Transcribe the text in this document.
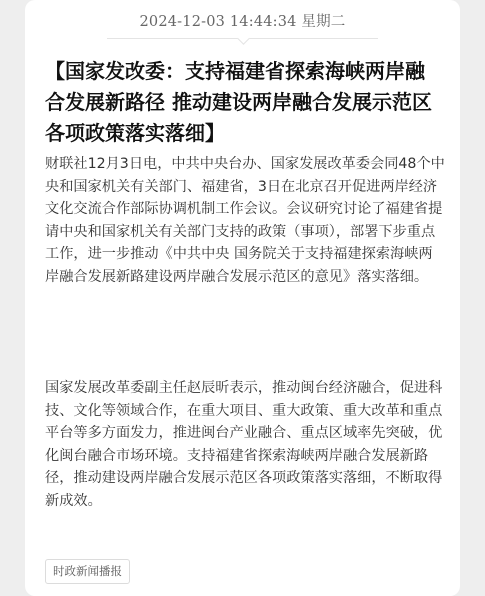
2024-12-03 14:44:34 星期二
【国家发改委：支持福建省探索海峡两岸融合发展新路径 推动建设两岸融合发展示范区各项政策落实落细】

财联社12月3日电，中共中央台办、国家发展改革委会同48个中央和国家机关有关部门、福建省，3日在北京召开促进两岸经济文化交流合作部际协调机制工作会议。会议研究讨论了福建省提请中央和国家机关有关部门支持的政策（事项），部署下步重点工作，进一步推动《中共中央 国务院关于支持福建探索海峡两岸融合发展新路建设两岸融合发展示范区的意见》落实落细。

国家发展改革委副主任赵辰昕表示，推动闽台经济融合，促进科技、文化等领域合作，在重大项目、重大政策、重大改革和重点平台等多方面发力，推进闽台产业融合、重点区域率先突破，优化闽台融合市场环境。支持福建省探索海峡两岸融合发展新路径，推动建设两岸融合发展示范区各项政策落实落细，不断取得新成效。

时政新闻播报
